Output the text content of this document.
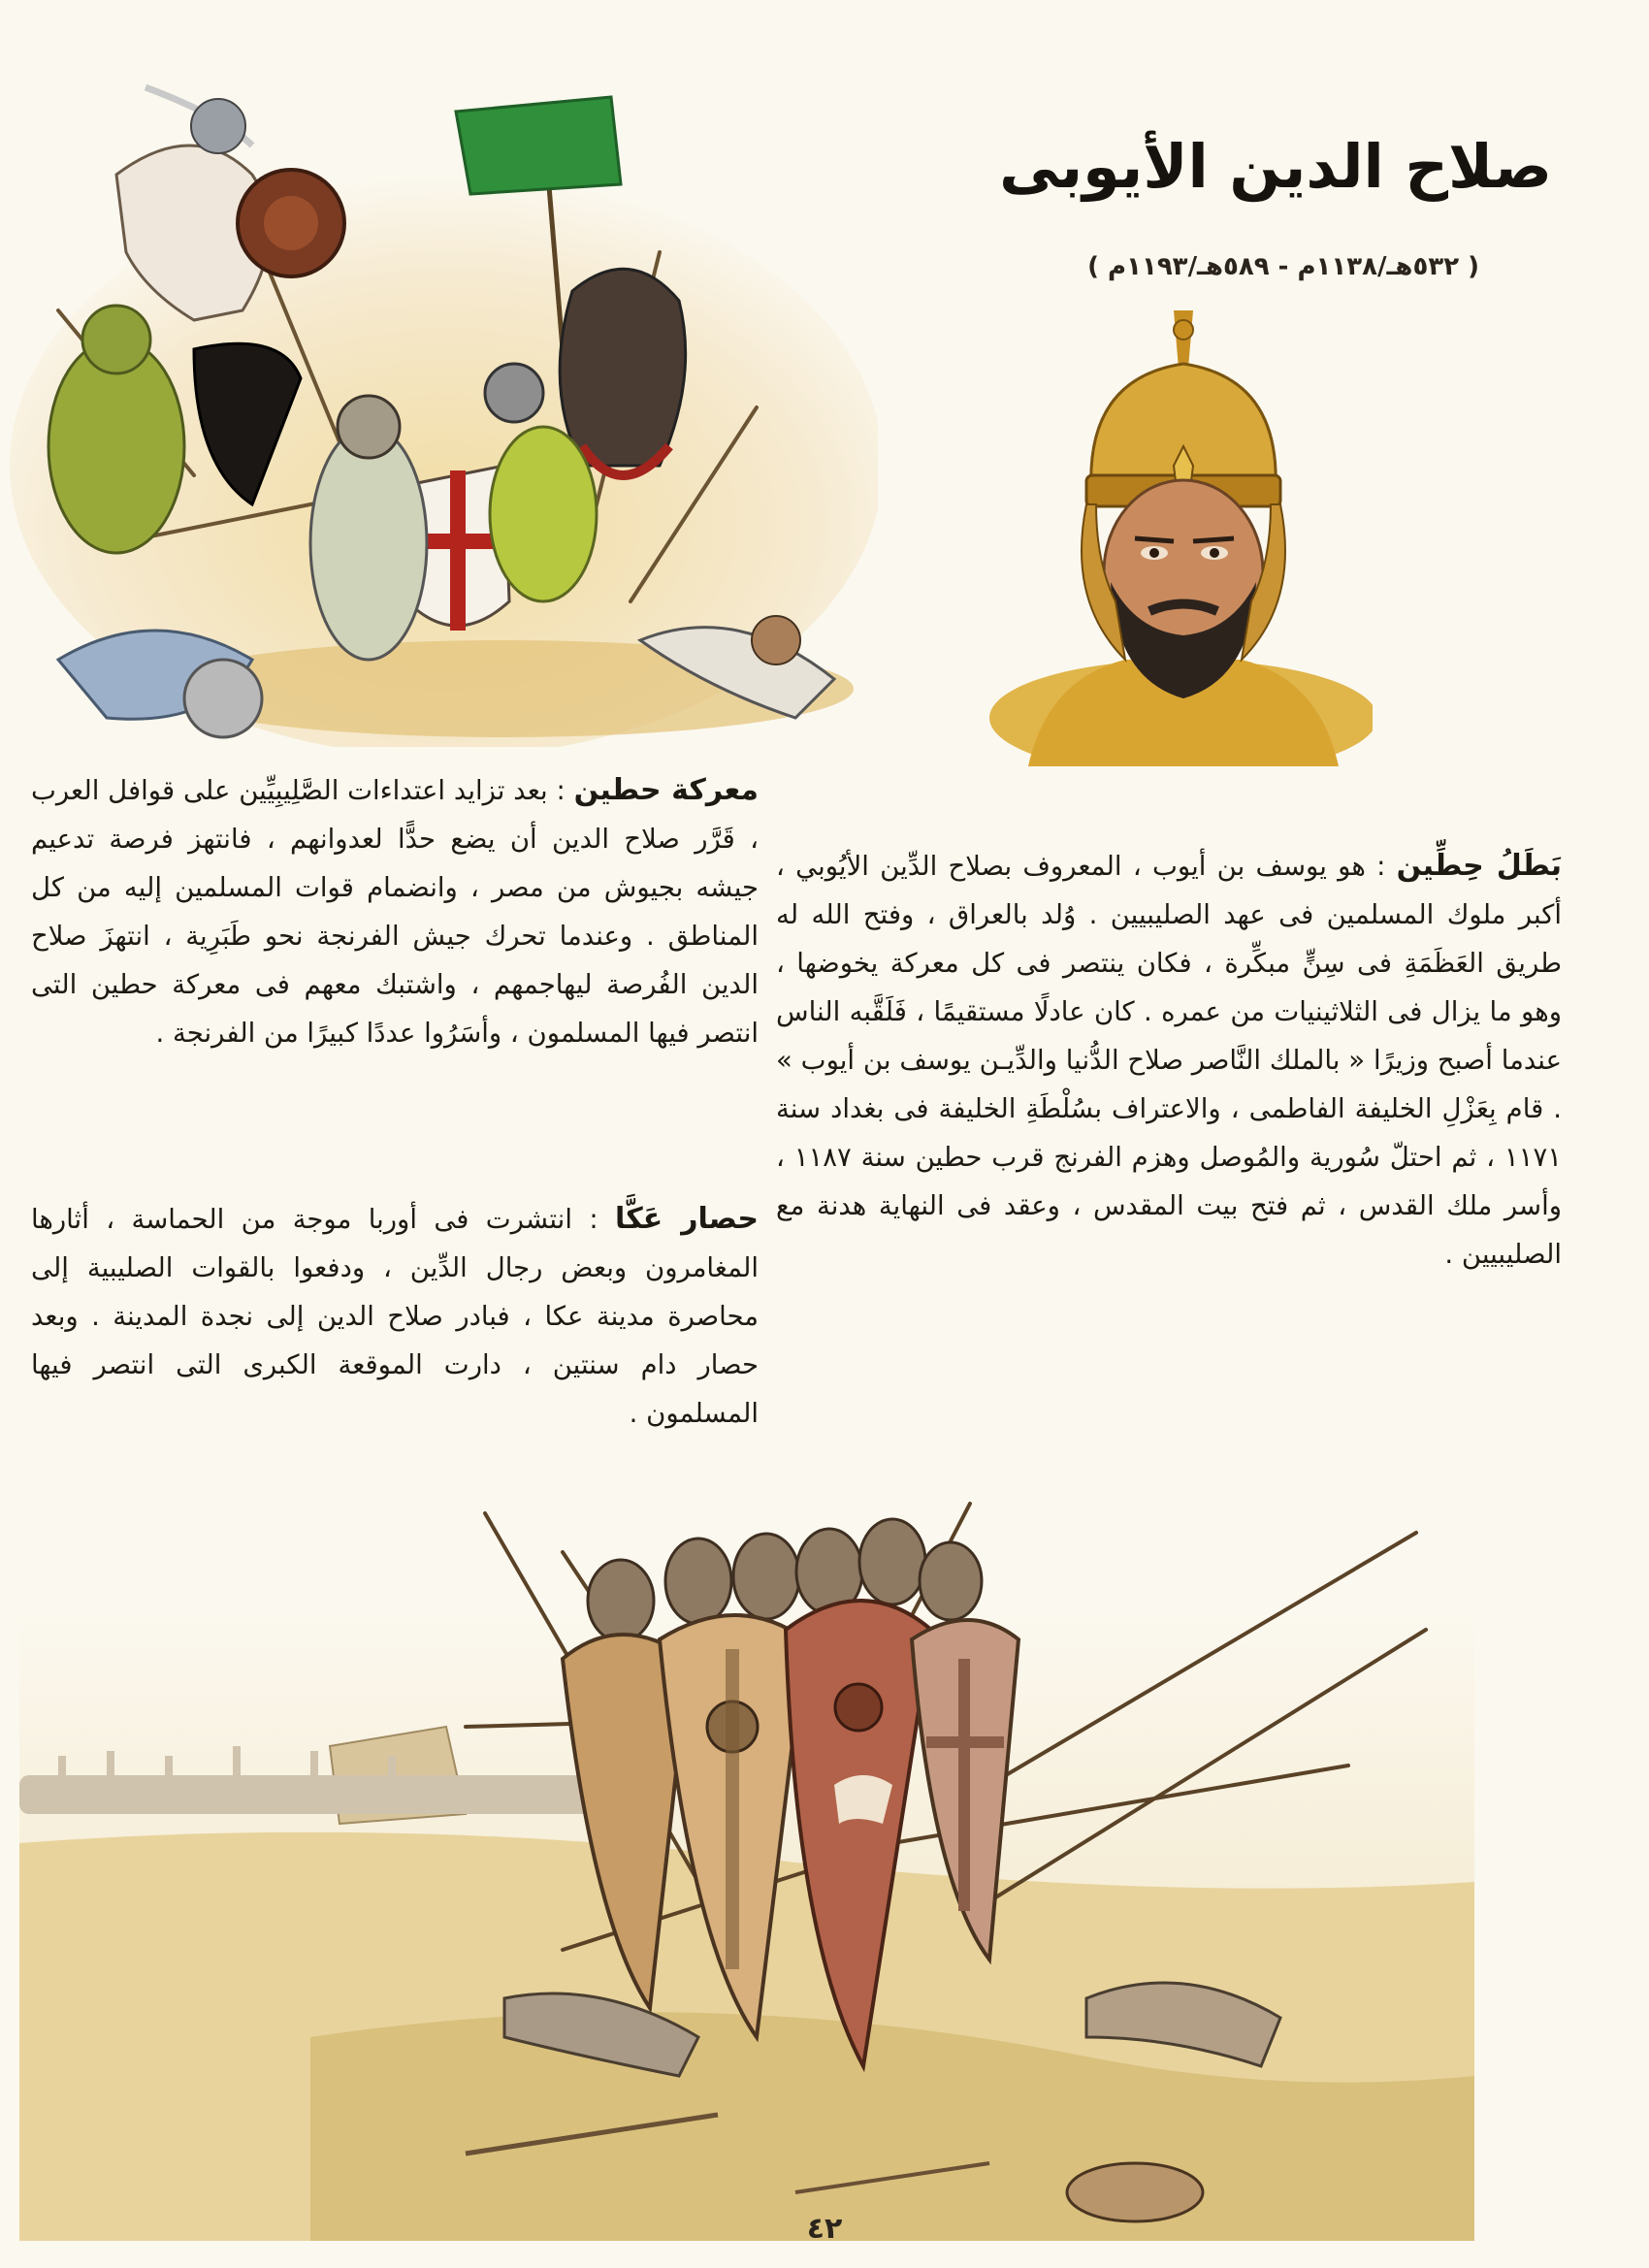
صلاح الدين الأيوبى
( ٥٣٢هـ/١١٣٨م - ٥٨٩هـ/١١٩٣م )

بَطَلُ حِطِّين : هو يوسف بن أيوب ، المعروف بصلاح الدِّين الأيُوبي ، أكبر ملوك المسلمين فى عهد الصليبيين . وُلد بالعراق ، وفتح الله له طريق العَظَمَةِ فى سِنٍّ مبكِّرة ، فكان ينتصر فى كل معركة يخوضها ، وهو ما يزال فى الثلاثينيات من عمره . كان عادلًا مستقيمًا ، فَلَقَّبه الناس عندما أصبح وزيرًا « بالملك النَّاصر صلاح الدُّنيا والدِّيـن يوسف بن أيوب » . قام بِعَزْلِ الخليفة الفاطمى ، والاعتراف بسُلْطَةِ الخليفة فى بغداد سنة ١١٧١ ، ثم احتلّ سُورية والمُوصل وهزم الفرنج قرب حطين سنة ١١٨٧ ، وأسر ملك القدس ، ثم فتح بيت المقدس ، وعقد فى النهاية هدنة مع الصليبيين .

معركة حطين : بعد تزايد اعتداءات الصَّلِيبِيِّين على قوافل العرب ، قَرَّر صلاح الدين أن يضع حدًّا لعدوانهم ، فانتهز فرصة تدعيم جيشه بجيوش من مصر ، وانضمام قوات المسلمين إليه من كل المناطق . وعندما تحرك جيش الفرنجة نحو طَبَرِية ، انتهزَ صلاح الدين الفُرصة ليهاجمهم ، واشتبك معهم فى معركة حطين التى انتصر فيها المسلمون ، وأسَرُوا عددًا كبيرًا من الفرنجة .

حصار عَكَّا : انتشرت فى أوربا موجة من الحماسة ، أثارها المغامرون وبعض رجال الدِّين ، ودفعوا بالقوات الصليبية إلى محاصرة مدينة عكا ، فبادر صلاح الدين إلى نجدة المدينة . وبعد حصار دام سنتين ، دارت الموقعة الكبرى التى انتصر فيها المسلمون .

٤٢
